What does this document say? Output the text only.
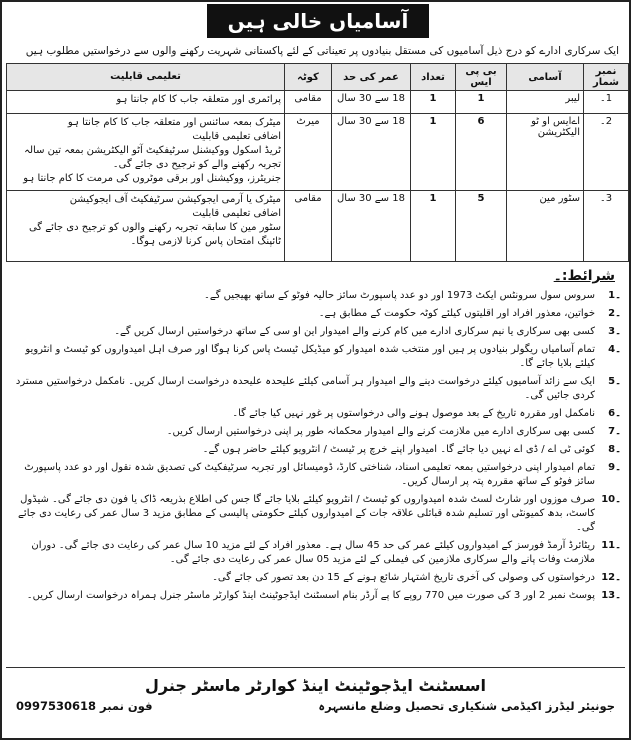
آسامیاں خالی ہیں
ایک سرکاری ادارے کو درج ذیل آسامیوں کی مستقل بنیادوں پر تعیناتی کے لئے پاکستانی شہریت رکھنے والوں سے درخواستیں مطلوب ہیں
نمبر شمار	آسامی	بی پی ایس	تعداد	عمر کی حد	کوٹہ	تعلیمی قابلیت
1۔	لیبر	1	1	18 سے 30 سال	مقامی	پرائمری اور متعلقہ جاب کا کام جانتا ہو

2۔	اےایس او ٹو الیکٹریشن	6	1	18 سے 30 سال	میرٹ	میٹرک بمعہ سائنس اور متعلقہ جاب کا کام جانتا ہو
اضافی تعلیمی قابلیت
ٹریڈ اسکول ووکیشنل سرٹیفکیٹ آٹو الیکٹریشن بمعہ تین سالہ تجربہ رکھنے والے کو ترجیح دی جائے گی۔
جنریٹرز، ووکیشنل اور برقی موٹروں کی مرمت کا کام جانتا ہو

3۔	سٹور مین	5	1	18 سے 30 سال	مقامی	میٹرک یا آرمی ایجوکیشن سرٹیفکیٹ آف ایجوکیشن
اضافی تعلیمی قابلیت
سٹور مین کا سابقہ تجربہ رکھنے والوں کو ترجیح دی جائے گی ٹائپنگ امتحان پاس کرنا لازمی ہوگا۔
شرائط:۔
1۔
سروس سول سرونٹس ایکٹ 1973 اور دو عدد پاسپورٹ سائز حالیہ فوٹو کے ساتھ بھیجیں گے۔
2۔
خواتین، معذور افراد اور اقلیتوں کیلئے کوٹہ حکومت کے مطابق ہے۔
3۔
کسی بھی سرکاری یا نیم سرکاری ادارے میں کام کرنے والے امیدوار این او سی کے ساتھ درخواستیں ارسال کریں گے۔
4۔
تمام آسامیاں ریگولر بنیادوں پر ہیں اور منتخب شدہ امیدوار کو میڈیکل ٹیسٹ پاس کرنا ہوگا اور صرف اہل امیدواروں کو ٹیسٹ و انٹرویو کیلئے بلایا جائے گا۔
5۔
ایک سے زائد آسامیوں کیلئے درخواست دینے والے امیدوار ہر آسامی کیلئے علیحدہ علیحدہ درخواست ارسال کریں۔ نامکمل درخواستیں مسترد کردی جائیں گی۔
6۔
نامکمل اور مقررہ تاریخ کے بعد موصول ہونے والی درخواستوں پر غور نہیں کیا جائے گا۔
7۔
کسی بھی سرکاری ادارے میں ملازمت کرنے والے امیدوار محکمانہ طور پر اپنی درخواستیں ارسال کریں۔
8۔
کوئی ٹی اے / ڈی اے نہیں دیا جائے گا۔ امیدوار اپنے خرچ پر ٹیسٹ / انٹرویو کیلئے حاضر ہوں گے۔
9۔
تمام امیدوار اپنی درخواستیں بمعہ تعلیمی اسناد، شناختی کارڈ، ڈومیسائل اور تجربہ سرٹیفکیٹ کی تصدیق شدہ نقول اور دو عدد پاسپورٹ سائز فوٹو کے ساتھ مقررہ پتہ پر ارسال کریں۔
10۔
صرف موزوں اور شارٹ لسٹ شدہ امیدواروں کو ٹیسٹ / انٹرویو کیلئے بلایا جائے گا جس کی اطلاع بذریعہ ڈاک یا فون دی جائے گی۔ شیڈول کاسٹ، بدھ کمیونٹی اور تسلیم شدہ قبائلی علاقہ جات کے امیدواروں کیلئے حکومتی پالیسی کے مطابق مزید 3 سال عمر کی رعایت دی جائے گی۔
11۔
ریٹائرڈ آرمڈ فورسز کے امیدواروں کیلئے عمر کی حد 45 سال ہے۔ معذور افراد کے لئے مزید 10 سال عمر کی رعایت دی جائے گی۔ دوران ملازمت وفات پانے والے سرکاری ملازمین کی فیملی کے لئے مزید 05 سال عمر کی رعایت دی جائے گی۔
12۔
درخواستوں کی وصولی کی آخری تاریخ اشتہار شائع ہونے کے 15 دن بعد تصور کی جائے گی۔
13۔
پوسٹ نمبر 2 اور 3 کی صورت میں 770 روپے کا پے آرڈر بنام اسسٹنٹ ایڈجوٹینٹ اینڈ کوارٹر ماسٹر جنرل ہمراہ درخواست ارسال کریں۔
اسسٹنٹ ایڈجوٹینٹ اینڈ کوارٹر ماسٹر جنرل
جونیئر لیڈرز اکیڈمی شنکیاری تحصیل وضلع مانسہرہ
فون نمبر 0997530618
